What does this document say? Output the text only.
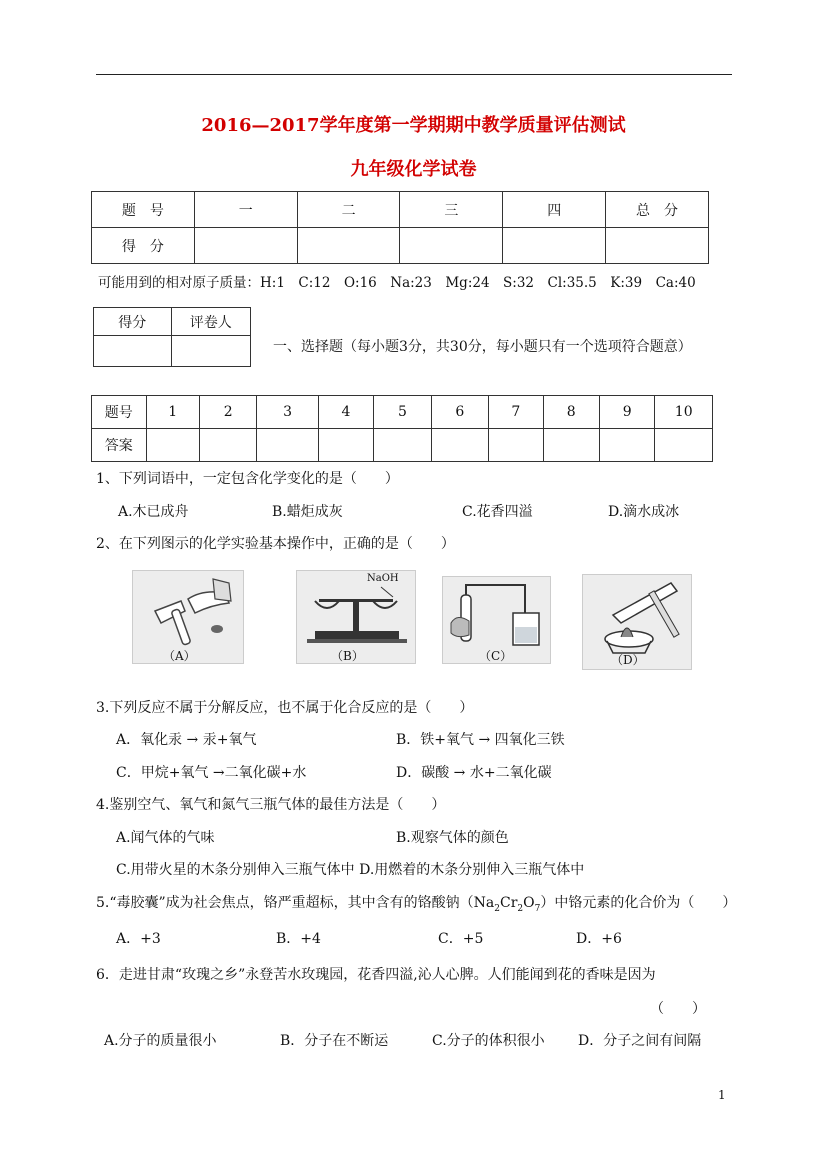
2016—2017学年度第一学期期中教学质量评估测试
九年级化学试卷
题　号	一	二	三	四	总　分
得　分					
可能用到的相对原子质量：H:1　C:12　O:16　Na:23　Mg:24　S:32　Cl:35.5　K:39　Ca:40
得分	评卷人

一、选择题（每小题3分，共30分，每小题只有一个选项符合题意）
题号	1	2	3	4	5	6	7	8	9	10
答案										
1、下列词语中，一定包含化学变化的是（　　）
A.木已成舟	B.蜡炬成灰	C.花香四溢	D.滴水成冰
2、在下列图示的化学实验基本操作中，正确的是（　　）
（A）
NaOH
（B）	（C）	（D）
3.下列反应不属于分解反应，也不属于化合反应的是（　　）
A．氧化汞 → 汞+氧气	B．铁+氧气 → 四氧化三铁
C．甲烷+氧气 →二氧化碳+水	D．碳酸 → 水+二氧化碳
4.鉴别空气、氧气和氮气三瓶气体的最佳方法是（　　）
A.闻气体的气味	B.观察气体的颜色
C.用带火星的木条分别伸入三瓶气体中 D.用燃着的木条分别伸入三瓶气体中
5.“毒胶囊”成为社会焦点，铬严重超标，其中含有的铬酸钠$(Na_2Cr_2O_7)$中铬元素的化合价为（　　）
A．+3	B．+4	C．+5	D．+6
6．走进甘肃“玫瑰之乡”永登苦水玫瑰园，花香四溢,沁人心脾。人们能闻到花的香味是因为
（　　）
A.分子的质量很小	B．分子在不断运	C.分子的体积很小 D．分子之间有间隔
1
